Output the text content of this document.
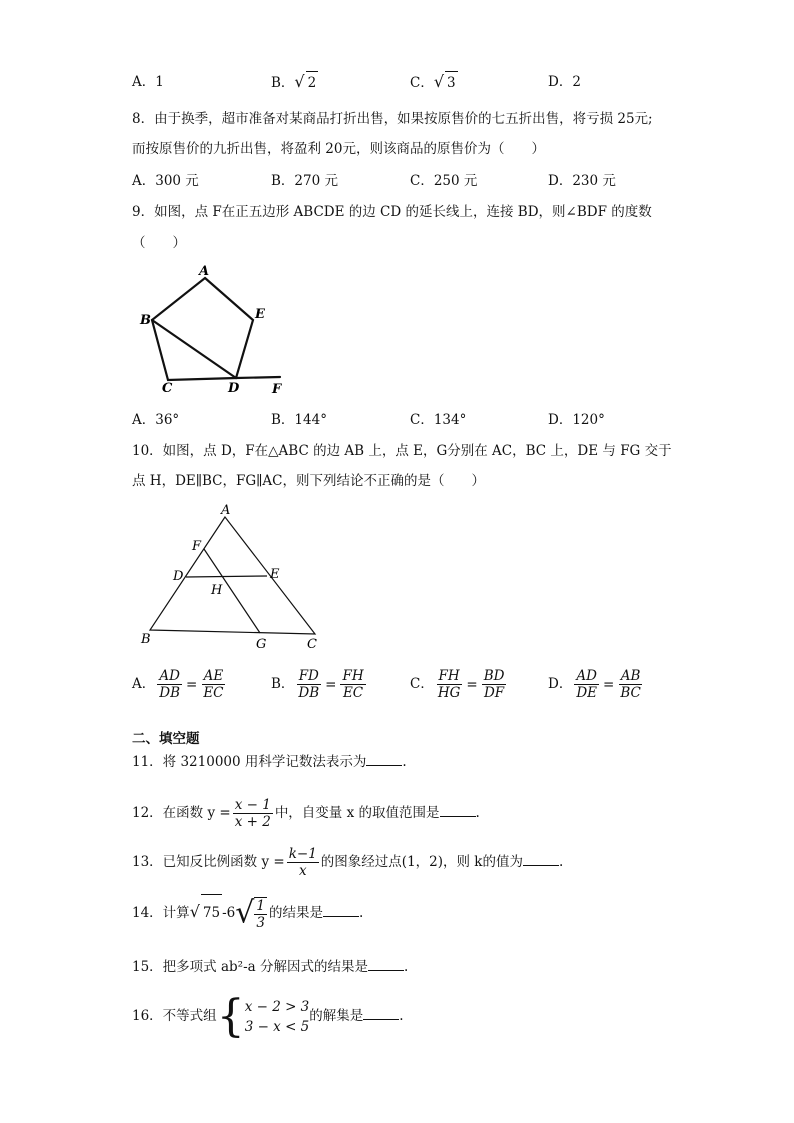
A．1	B．√ 2	C．√ 3	D．2
8．由于换季，超市准备对某商品打折出售，如果按原售价的七五折出售，将亏损 25元;
而按原售价的九折出售，将盈利 20元，则该商品的原售价为（　　）
A．300 元	B．270 元	C．250 元	D．230 元
9．如图，点 F在正五边形 ABCDE 的边 CD 的延长线上，连接 BD，则∠BDF 的度数
（　　）
A
B	E
C	D	F
A．36°	B．144°	C．134°	D．120°
10．如图，点 D，F在△ABC 的边 AB 上，点 E，G分别在 AC，BC 上，DE 与 FG 交于
点 H，DE∥BC，FG∥AC，则下列结论不正确的是（　　）
A
F
D	E
H
B	G	C
A． $\frac{AD}{DB} = \frac{AE}{EC}$	B． $\frac{FD}{DB} = \frac{FH}{EC}$	C． $\frac{FH}{HG} = \frac{BD}{DF}$	D． $\frac{AD}{DE} = \frac{AB}{BC}$
二、填空题
11．将 3210000 用科学记数法表示为	.
12．在函数 $y = \frac{x - 1}{x + 2}$ 中，自变量 x 的取值范围是	.
13．已知反比例函数 $y = \frac{k-1}{x}$ 的图象经过点(1，2)，则 k的值为	.
14．计算√ 75 $-6√ \frac{1}{3}$ 的结果是	.
15．把多项式 ab²-a 分解因式的结果是	.
16．不等式组{ x − 2 > 3
3 − x < 5
的解集是	.
